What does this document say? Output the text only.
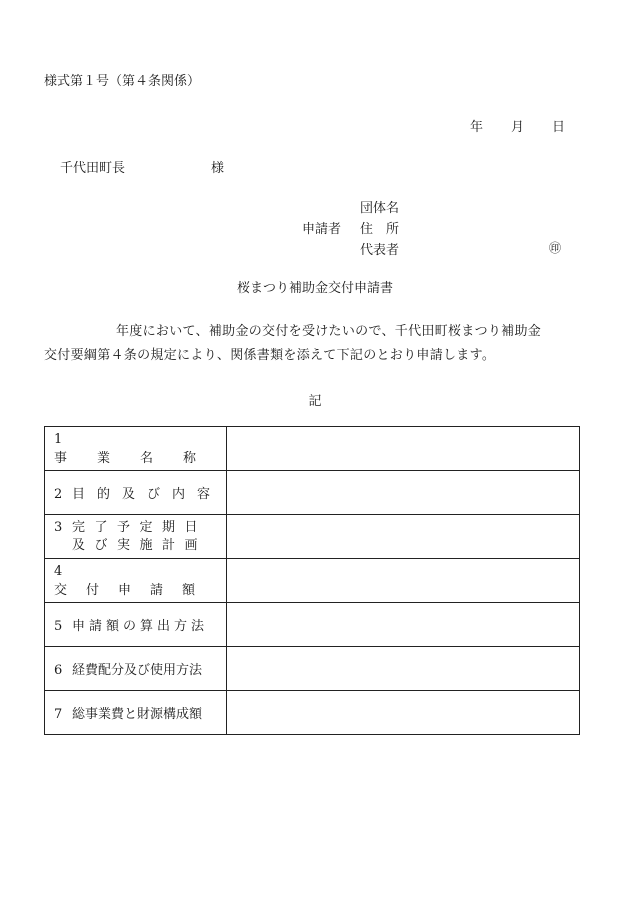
様式第１号（第４条関係）
年 月 日
千代田町長	様
申請者
団体名
住　所
代表者	㊞
桜まつり補助金交付申請書
年度において、補助金の交付を受けたいので、千代田町桜まつり補助金
交付要綱第４条の規定により、関係書類を添えて下記のとおり申請します。
記
1事業名称	
2 目的及び内容	
3 完了予定期日
及び実施計画	

4交付申請額	
5 申請額の算出方法	
6 経費配分及び使用方法	
7 総事業費と財源構成額	
